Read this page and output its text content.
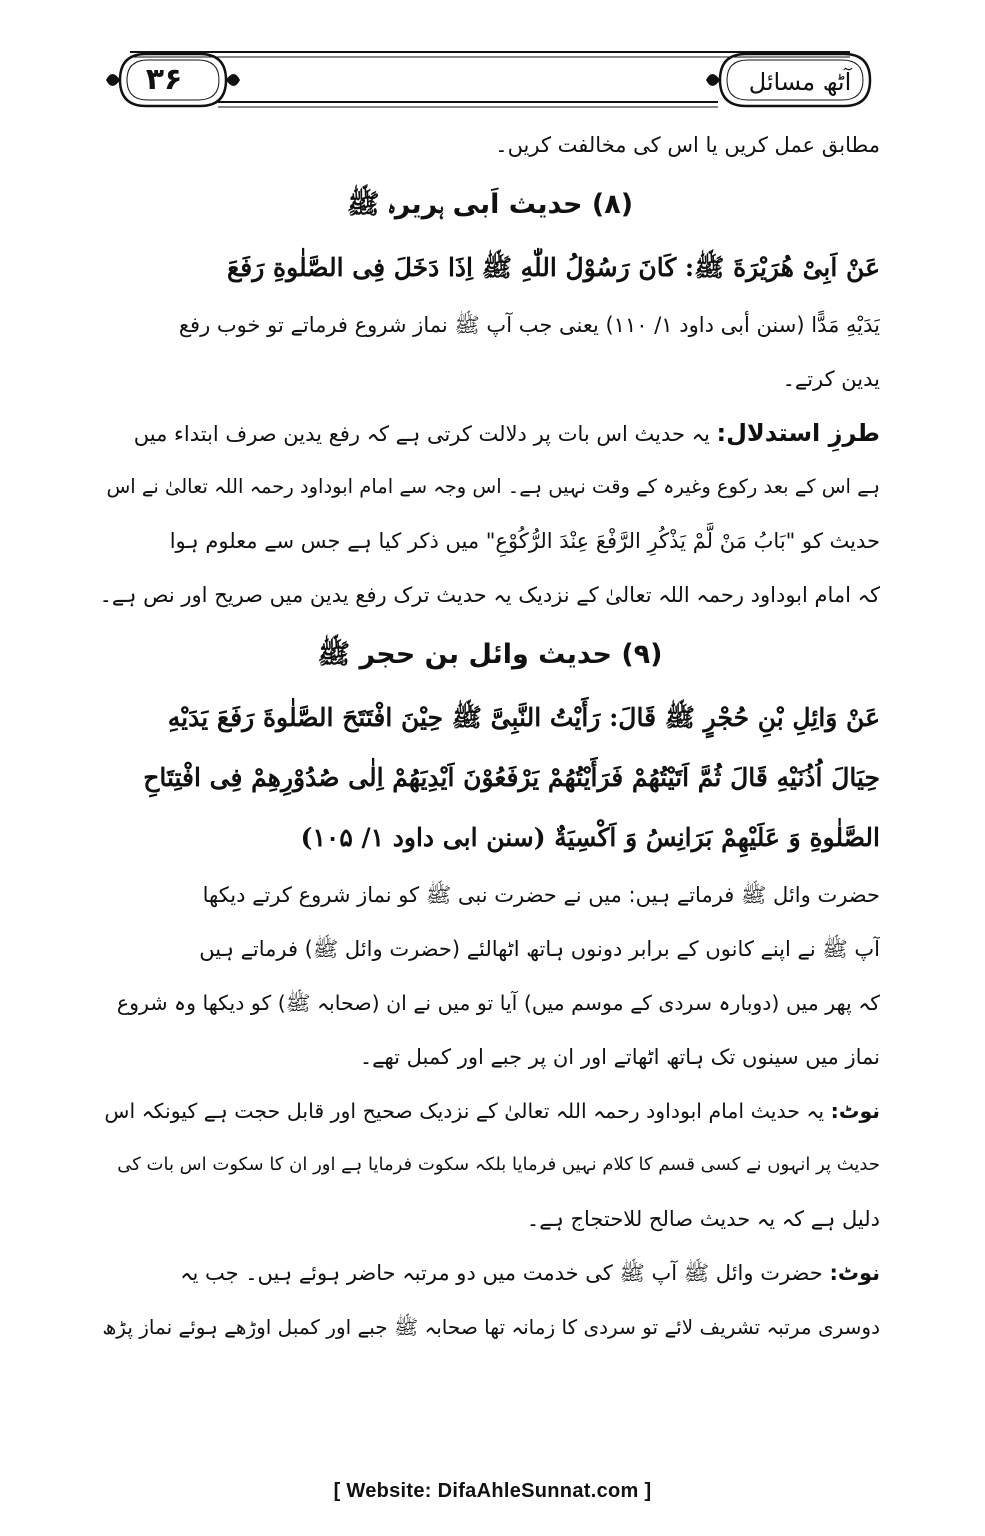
۳۶	آٹھ مسائل
مطابق عمل کریں یا اس کی مخالفت کریں۔
(۸) حدیث اَبی ہریرہ ﷺ
عَنْ اَبِیْ هُرَیْرَةَ ﷺ: كَانَ رَسُوْلُ اللّٰهِ ﷺ اِذَا دَخَلَ فِی الصَّلٰوةِ رَفَعَ
یَدَیْهِ مَدًّا (سنن أبی داود ۱/ ۱۱۰) یعنی جب آپ ﷺ نماز شروع فرماتے تو خوب رفع
یدین کرتے۔
طرزِ استدلال: یہ حدیث اس بات پر دلالت کرتی ہے کہ رفع یدین صرف ابتداء میں
ہے اس کے بعد رکوع وغیرہ کے وقت نہیں ہے۔ اس وجہ سے امام ابوداود رحمہ اللہ تعالیٰ نے اس
حدیث کو "بَابُ مَنْ لَّمْ یَذْكُرِ الرَّفْعَ عِنْدَ الرُّكُوْعِ" میں ذکر کیا ہے جس سے معلوم ہوا
کہ امام ابوداود رحمہ اللہ تعالیٰ کے نزدیک یہ حدیث ترک رفع یدین میں صریح اور نص ہے۔
(۹) حدیث وائل بن حجر ﷺ
عَنْ وَائِلِ بْنِ حُجْرٍ ﷺ قَالَ: رَأَیْتُ النَّبِیَّ ﷺ حِیْنَ افْتَتَحَ الصَّلٰوةَ رَفَعَ یَدَیْهِ
حِیَالَ اُذُنَیْهِ قَالَ ثُمَّ اَتَیْتُهُمْ فَرَأَیْتُهُمْ یَرْفَعُوْنَ اَیْدِیَهُمْ اِلٰی صُدُوْرِهِمْ فِی افْتِتَاحِ
الصَّلٰوةِ وَ عَلَیْهِمْ بَرَانِسُ وَ اَكْسِیَةٌ (سنن ابی داود ۱/ ۱۰۵)
حضرت وائل ﷺ فرماتے ہیں: میں نے حضرت نبی ﷺ کو نماز شروع کرتے دیکھا
آپ ﷺ نے اپنے کانوں کے برابر دونوں ہاتھ اٹھالئے (حضرت وائل ﷺ) فرماتے ہیں
کہ پھر میں (دوبارہ سردی کے موسم میں) آیا تو میں نے ان (صحابہ ﷺ) کو دیکھا وہ شروع
نماز میں سینوں تک ہاتھ اٹھاتے اور ان پر جبے اور کمبل تھے۔
نوٹ: یہ حدیث امام ابوداود رحمہ اللہ تعالیٰ کے نزدیک صحیح اور قابل حجت ہے کیونکہ اس
حدیث پر انہوں نے کسی قسم کا کلام نہیں فرمایا بلکہ سکوت فرمایا ہے اور ان کا سکوت اس بات کی
دلیل ہے کہ یہ حدیث صالح للاحتجاج ہے۔
نوٹ: حضرت وائل ﷺ آپ ﷺ کی خدمت میں دو مرتبہ حاضر ہوئے ہیں۔ جب یہ
دوسری مرتبہ تشریف لائے تو سردی کا زمانہ تھا صحابہ ﷺ جبے اور کمبل اوڑھے ہوئے نماز پڑھ
[ Website: DifaAhleSunnat.com ]
